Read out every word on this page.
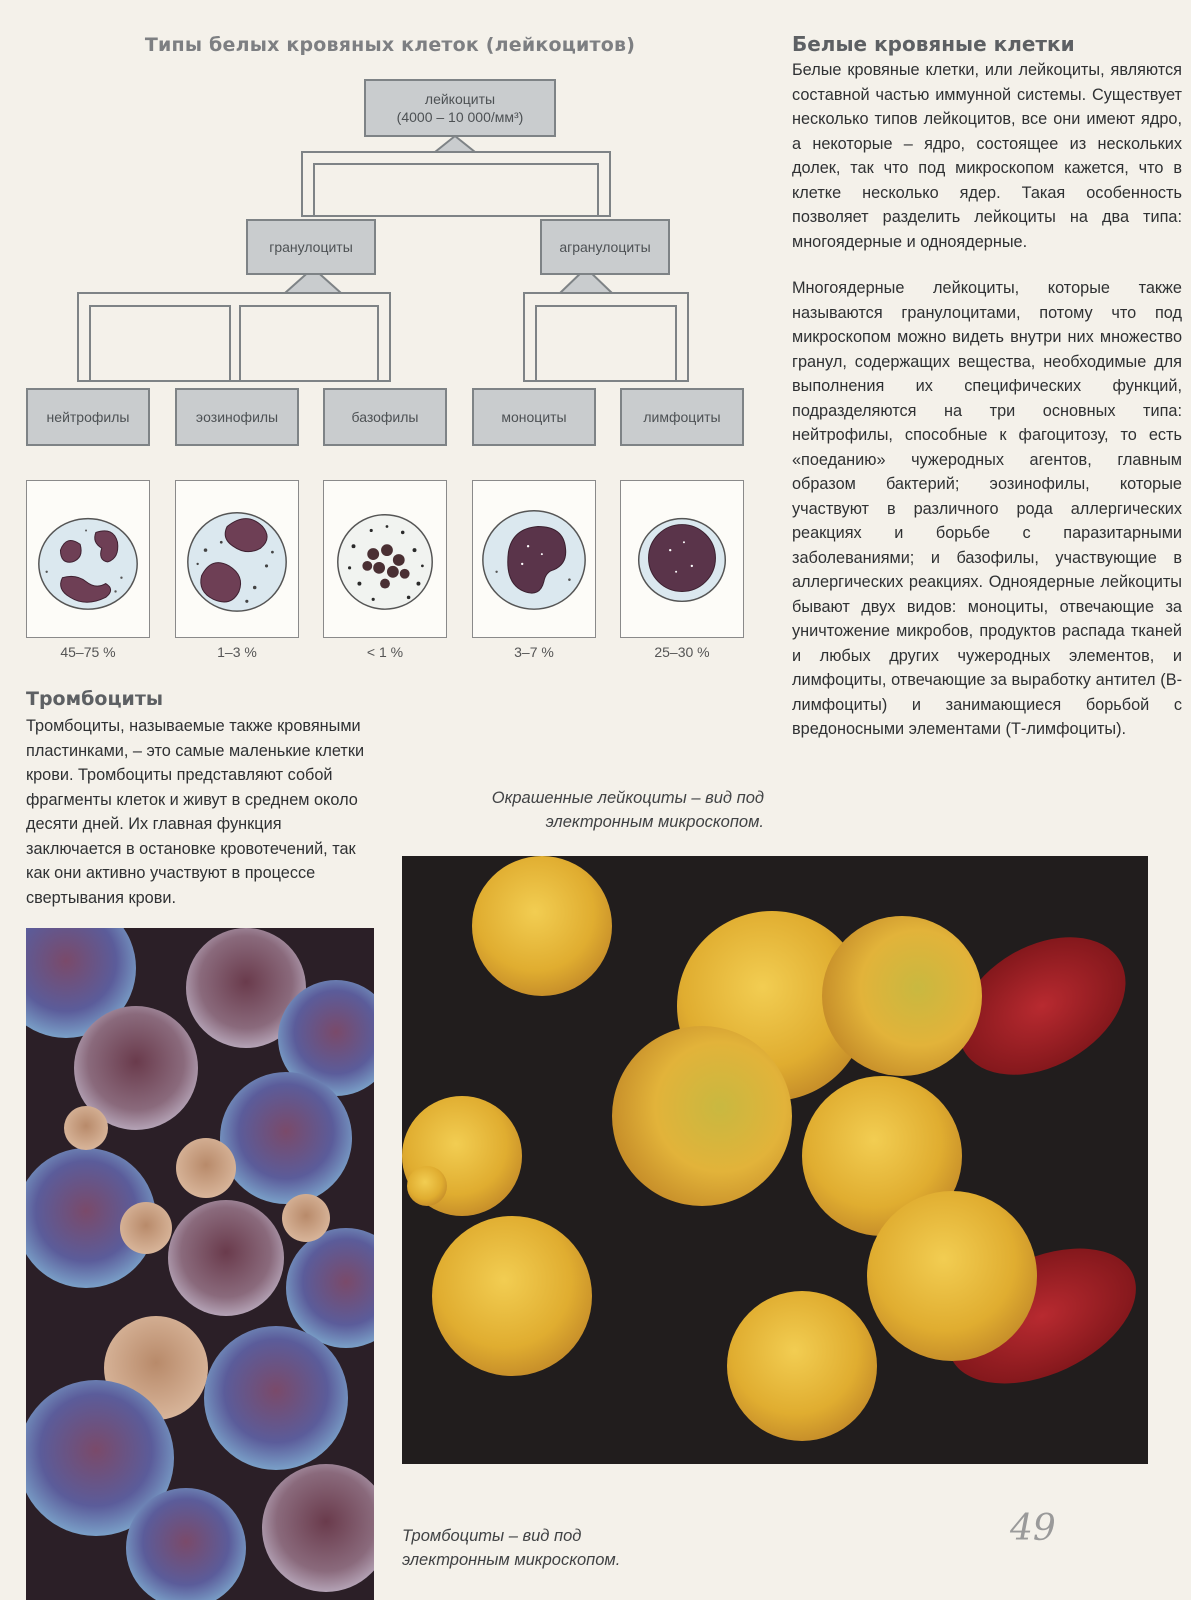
Типы белых кровяных клеток (лейкоцитов)
лейкоциты
(4000 – 10 000/мм³)
гранулоциты	агранулоциты
нейтрофилы	эозинофилы	базофилы	моноциты	лимфоциты
45–75 %	1–3 %	< 1 %	3–7 %	25–30 %
Белые кровяные клетки

Белые кровяные клетки, или лейкоциты, являются составной частью иммунной системы. Существует несколько типов лейкоцитов, все они имеют ядро, а некоторые – ядро, состоящее из нескольких долек, так что под микроскопом кажется, что в клетке несколько ядер. Такая особенность позволяет разделить лейкоциты на два типа: многоядерные и одноядерные.

Многоядерные лейкоциты, которые также называются гранулоцитами, потому что под микроскопом можно видеть внутри них множество гранул, содержащих вещества, необходимые для выполнения их специфических функций, подразделяются на три основных типа: нейтрофилы, способные к фагоцитозу, то есть «поеданию» чужеродных агентов, главным образом бактерий; эозинофилы, которые участвуют в различного рода аллергических реакциях и борьбе с паразитарными заболеваниями; и базофилы, участвующие в аллергических реакциях. Одноядерные лейкоциты бывают двух видов: моноциты, отвечающие за уничтожение микробов, продуктов распада тканей и любых других чужеродных элементов, и лимфоциты, отвечающие за выработку антител (B-лимфоциты) и занимающиеся борьбой с вредоносными элементами (Т-лимфоциты).

Тромбоциты

Тромбоциты, называемые также кровяными пластинками, – это самые маленькие клетки крови. Тромбоциты представляют собой фрагменты клеток и живут в среднем около десяти дней. Их главная функция заключается в остановке кровотечений, так как они активно участвуют в процессе свертывания крови.

Окрашенные лейкоциты – вид под электронным микроскопом.

Тромбоциты – вид под электронным микроскопом.

49
